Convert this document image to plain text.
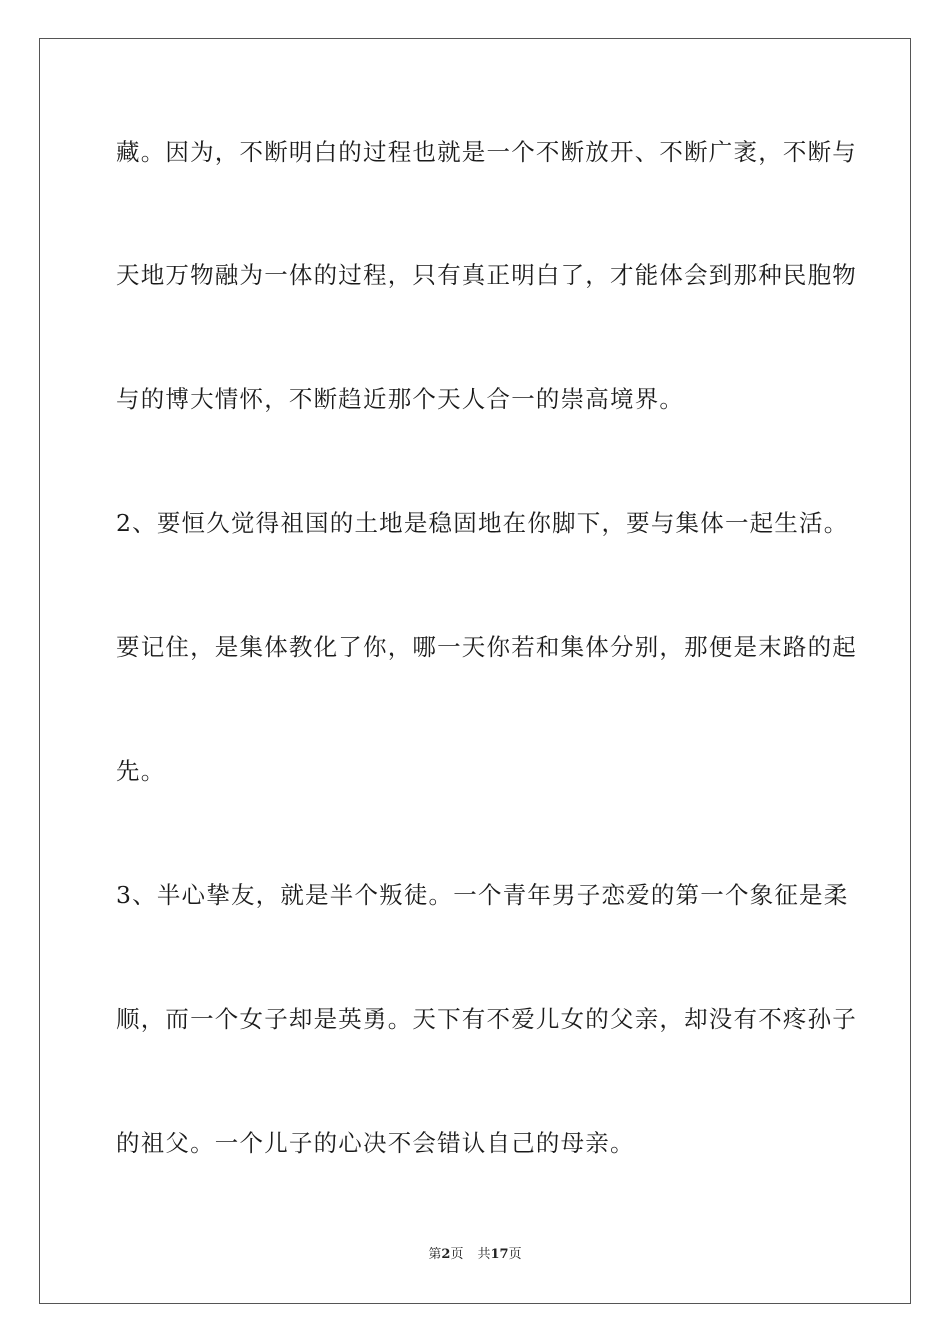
藏。因为，不断明白的过程也就是一个不断放开、不断广袤，不断与
天地万物融为一体的过程，只有真正明白了，才能体会到那种民胞物
与的博大情怀，不断趋近那个天人合一的崇高境界。
2、要恒久觉得祖国的土地是稳固地在你脚下，要与集体一起生活。
要记住，是集体教化了你，哪一天你若和集体分别，那便是末路的起
先。
3、半心挚友，就是半个叛徒。一个青年男子恋爱的第一个象征是柔
顺，而一个女子却是英勇。天下有不爱儿女的父亲，却没有不疼孙子
的祖父。一个儿子的心决不会错认自己的母亲。
第2页 共17页
